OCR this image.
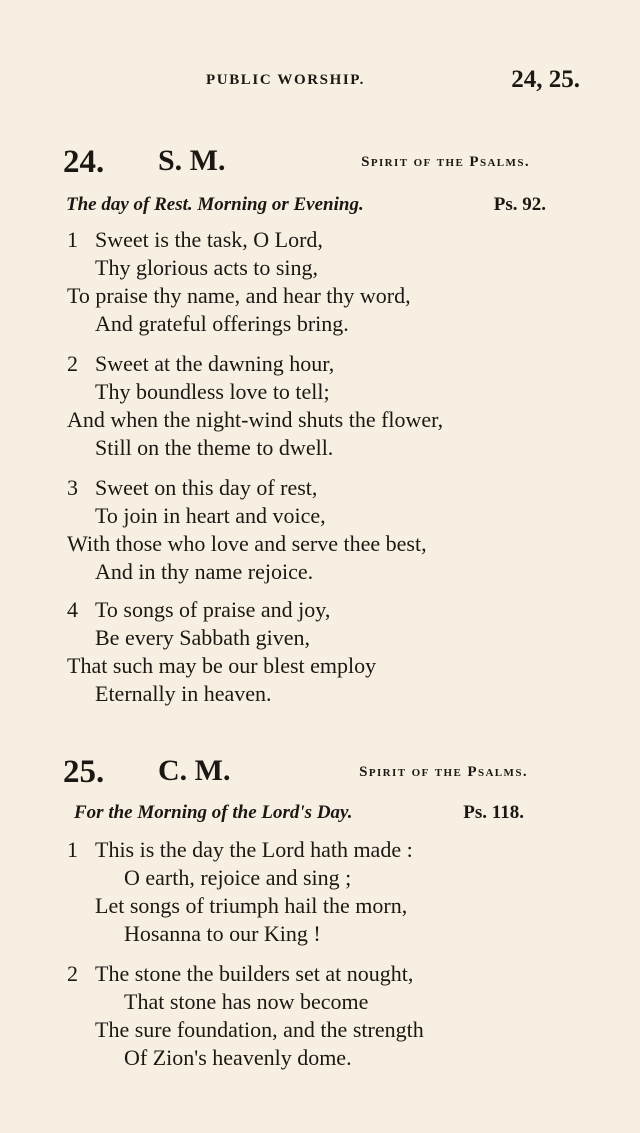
PUBLIC WORSHIP.	24, 25.
24. S. M.	Spirit of the Psalms.
The day of Rest. Morning or Evening.	Ps. 92.
1 Sweet is the task, O Lord,
Thy glorious acts to sing,
To praise thy name, and hear thy word,
And grateful offerings bring.
2 Sweet at the dawning hour,
Thy boundless love to tell;
And when the night-wind shuts the flower,
Still on the theme to dwell.
3 Sweet on this day of rest,
To join in heart and voice,
With those who love and serve thee best,
And in thy name rejoice.
4 To songs of praise and joy,
Be every Sabbath given,
That such may be our blest employ
Eternally in heaven.
25. C. M.	Spirit of the Psalms.
For the Morning of the Lord's Day.	Ps. 118.
1 This is the day the Lord hath made :
O earth, rejoice and sing ;
Let songs of triumph hail the morn,
Hosanna to our King !
2 The stone the builders set at nought,
That stone has now become
The sure foundation, and the strength
Of Zion's heavenly dome.
